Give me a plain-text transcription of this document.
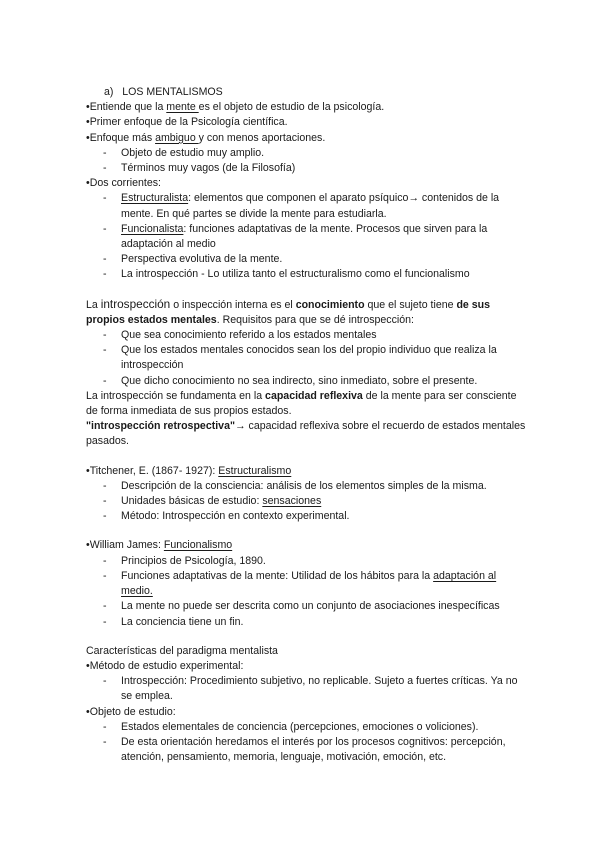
a) LOS MENTALISMOS

•Entiende que la mente es el objeto de estudio de la psicología.

•Primer enfoque de la Psicología científica.

•Enfoque más ambiguo y con menos aportaciones.

- Objeto de estudio muy amplio.

- Términos muy vagos (de la Filosofía)

•Dos corrientes:

- Estructuralista: elementos que componen el aparato psíquico→ contenidos de la mente. En qué partes se divide la mente para estudiarla.

- Funcionalista: funciones adaptativas de la mente. Procesos que sirven para la adaptación al medio

- Perspectiva evolutiva de la mente.

- La introspección - Lo utiliza tanto el estructuralismo como el funcionalismo

La introspección o inspección interna es el conocimiento que el sujeto tiene de sus propios estados mentales. Requisitos para que se dé introspección:

- Que sea conocimiento referido a los estados mentales

- Que los estados mentales conocidos sean los del propio individuo que realiza la introspección

- Que dicho conocimiento no sea indirecto, sino inmediato, sobre el presente.

La introspección se fundamenta en la capacidad reflexiva de la mente para ser consciente de forma inmediata de sus propios estados.

"introspección retrospectiva"→ capacidad reflexiva sobre el recuerdo de estados mentales pasados.

•Titchener, E. (1867- 1927): Estructuralismo

- Descripción de la consciencia: análisis de los elementos simples de la misma.

- Unidades básicas de estudio: sensaciones

- Método: Introspección en contexto experimental.

•William James: Funcionalismo

- Principios de Psicología, 1890.

- Funciones adaptativas de la mente: Utilidad de los hábitos para la adaptación al medio.

- La mente no puede ser descrita como un conjunto de asociaciones inespecíficas

- La conciencia tiene un fin.

Características del paradigma mentalista

•Método de estudio experimental:

- Introspección: Procedimiento subjetivo, no replicable. Sujeto a fuertes críticas. Ya no se emplea.

•Objeto de estudio:

- Estados elementales de conciencia (percepciones, emociones o voliciones).

- De esta orientación heredamos el interés por los procesos cognitivos: percepción, atención, pensamiento, memoria, lenguaje, motivación, emoción, etc.
